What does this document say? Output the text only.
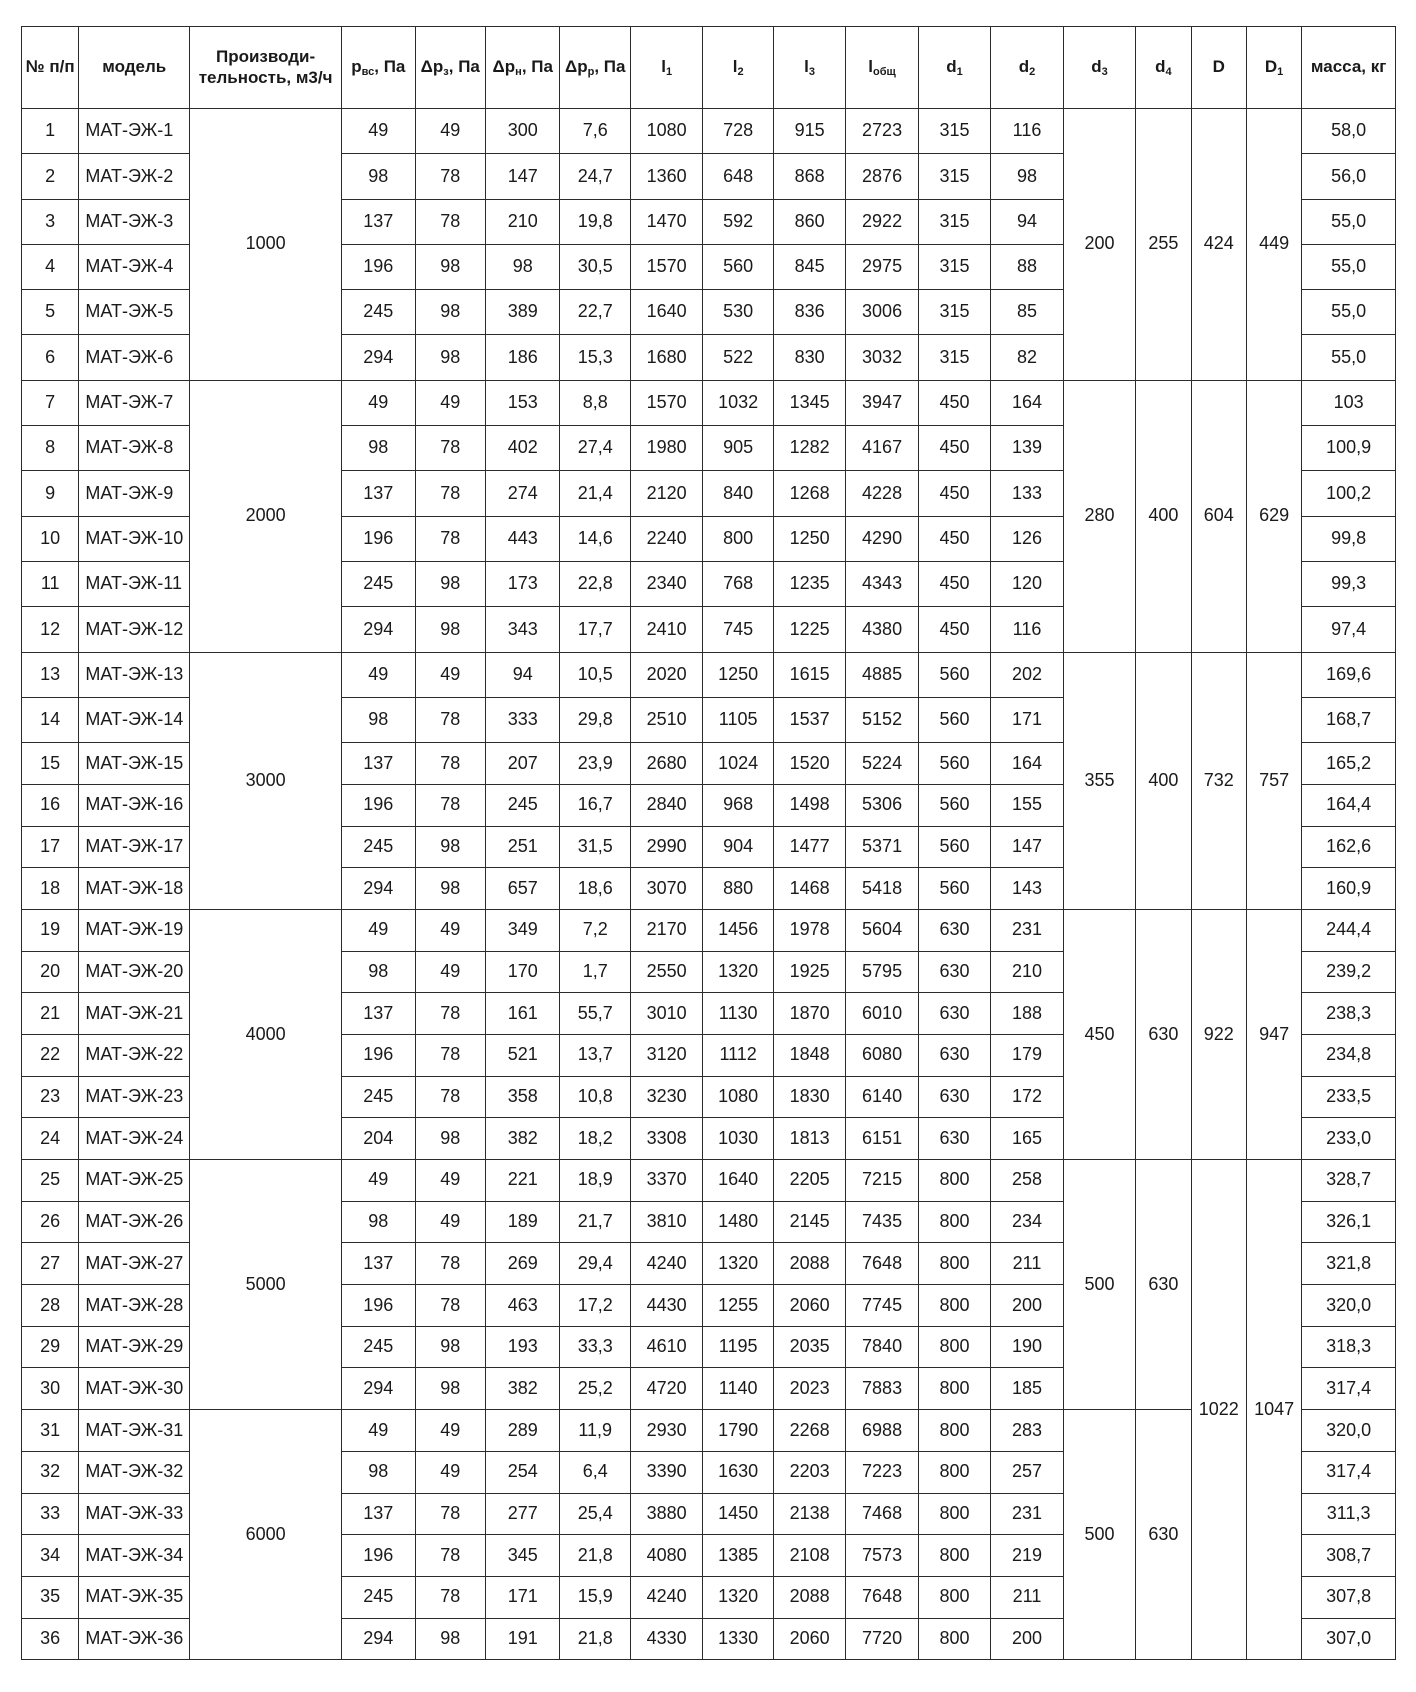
№ п/п	модель	Производи-тельность, м3/ч	$p_{вс}$, Па	$\Delta p_з$, Па	$\Delta p_н$, Па	$\Delta p_р$, Па	$l_1$	$l_2$	$l_3$	$l_{общ}$	$d_1$	$d_2$	$d_3$	$d_4$	D	$D_1$	масса, кг
1	МАТ-ЭЖ-1	1000	49	49	300	7,6	1080	728	915	2723	315	116	200	255	424	449	58,0
2	МАТ-ЭЖ-2		98	78	147	24,7	1360	648	868	2876	315	98					56,0
3	МАТ-ЭЖ-3		137	78	210	19,8	1470	592	860	2922	315	94					55,0
4	МАТ-ЭЖ-4		196	98	98	30,5	1570	560	845	2975	315	88					55,0
5	МАТ-ЭЖ-5		245	98	389	22,7	1640	530	836	3006	315	85					55,0
6	МАТ-ЭЖ-6		294	98	186	15,3	1680	522	830	3032	315	82					55,0
7	МАТ-ЭЖ-7	2000	49	49	153	8,8	1570	1032	1345	3947	450	164	280	400	604	629	103
8	МАТ-ЭЖ-8		98	78	402	27,4	1980	905	1282	4167	450	139					100,9
9	МАТ-ЭЖ-9		137	78	274	21,4	2120	840	1268	4228	450	133					100,2
10	МАТ-ЭЖ-10		196	78	443	14,6	2240	800	1250	4290	450	126					99,8
11	МАТ-ЭЖ-11		245	98	173	22,8	2340	768	1235	4343	450	120					99,3
12	МАТ-ЭЖ-12		294	98	343	17,7	2410	745	1225	4380	450	116					97,4
13	МАТ-ЭЖ-13	3000	49	49	94	10,5	2020	1250	1615	4885	560	202	355	400	732	757	169,6
14	МАТ-ЭЖ-14		98	78	333	29,8	2510	1105	1537	5152	560	171					168,7
15	МАТ-ЭЖ-15		137	78	207	23,9	2680	1024	1520	5224	560	164					165,2
16	МАТ-ЭЖ-16		196	78	245	16,7	2840	968	1498	5306	560	155					164,4
17	МАТ-ЭЖ-17		245	98	251	31,5	2990	904	1477	5371	560	147					162,6
18	МАТ-ЭЖ-18		294	98	657	18,6	3070	880	1468	5418	560	143					160,9
19	МАТ-ЭЖ-19	4000	49	49	349	7,2	2170	1456	1978	5604	630	231	450	630	922	947	244,4
20	МАТ-ЭЖ-20		98	49	170	1,7	2550	1320	1925	5795	630	210					239,2
21	МАТ-ЭЖ-21		137	78	161	55,7	3010	1130	1870	6010	630	188					238,3
22	МАТ-ЭЖ-22		196	78	521	13,7	3120	1112	1848	6080	630	179					234,8
23	МАТ-ЭЖ-23		245	78	358	10,8	3230	1080	1830	6140	630	172					233,5
24	МАТ-ЭЖ-24		204	98	382	18,2	3308	1030	1813	6151	630	165					233,0
25	МАТ-ЭЖ-25	5000	49	49	221	18,9	3370	1640	2205	7215	800	258	500	630	1022	1047	328,7
26	МАТ-ЭЖ-26		98	49	189	21,7	3810	1480	2145	7435	800	234					326,1
27	МАТ-ЭЖ-27		137	78	269	29,4	4240	1320	2088	7648	800	211					321,8
28	МАТ-ЭЖ-28		196	78	463	17,2	4430	1255	2060	7745	800	200					320,0
29	МАТ-ЭЖ-29		245	98	193	33,3	4610	1195	2035	7840	800	190					318,3
30	МАТ-ЭЖ-30		294	98	382	25,2	4720	1140	2023	7883	800	185					317,4
31	МАТ-ЭЖ-31	6000	49	49	289	11,9	2930	1790	2268	6988	800	283	500	630			320,0
32	МАТ-ЭЖ-32		98	49	254	6,4	3390	1630	2203	7223	800	257					317,4
33	МАТ-ЭЖ-33		137	78	277	25,4	3880	1450	2138	7468	800	231					311,3
34	МАТ-ЭЖ-34		196	78	345	21,8	4080	1385	2108	7573	800	219					308,7
35	МАТ-ЭЖ-35		245	78	171	15,9	4240	1320	2088	7648	800	211					307,8
36	МАТ-ЭЖ-36		294	98	191	21,8	4330	1330	2060	7720	800	200					307,0
